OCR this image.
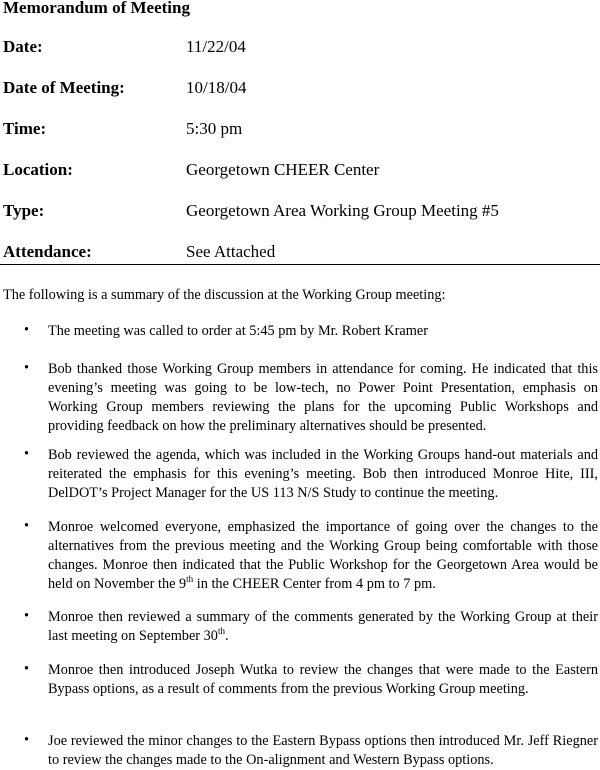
Memorandum of Meeting
Date:	11/22/04
Date of Meeting:	10/18/04
Time:	5:30 pm
Location:	Georgetown CHEER Center
Type:	Georgetown Area Working Group Meeting #5
Attendance:	See Attached
The following is a summary of the discussion at the Working Group meeting:
• The meeting was called to order at 5:45 pm by Mr. Robert Kramer
• Bob thanked those Working Group members in attendance for coming. He indicated that this evening’s meeting was going to be low-tech, no Power Point Presentation, emphasis on Working Group members reviewing the plans for the upcoming Public Workshops and providing feedback on how the preliminary alternatives should be presented.
• Bob reviewed the agenda, which was included in the Working Groups hand-out materials and reiterated the emphasis for this evening’s meeting. Bob then introduced Monroe Hite, III, DelDOT’s Project Manager for the US 113 N/S Study to continue the meeting.
• Monroe welcomed everyone, emphasized the importance of going over the changes to the alternatives from the previous meeting and the Working Group being comfortable with those changes. Monroe then indicated that the Public Workshop for the Georgetown Area would be held on November the 9th in the CHEER Center from 4 pm to 7 pm.
• Monroe then reviewed a summary of the comments generated by the Working Group at their last meeting on September 30th.
• Monroe then introduced Joseph Wutka to review the changes that were made to the Eastern Bypass options, as a result of comments from the previous Working Group meeting.
• Joe reviewed the minor changes to the Eastern Bypass options then introduced Mr. Jeff Riegner to review the changes made to the On-alignment and Western Bypass options.
